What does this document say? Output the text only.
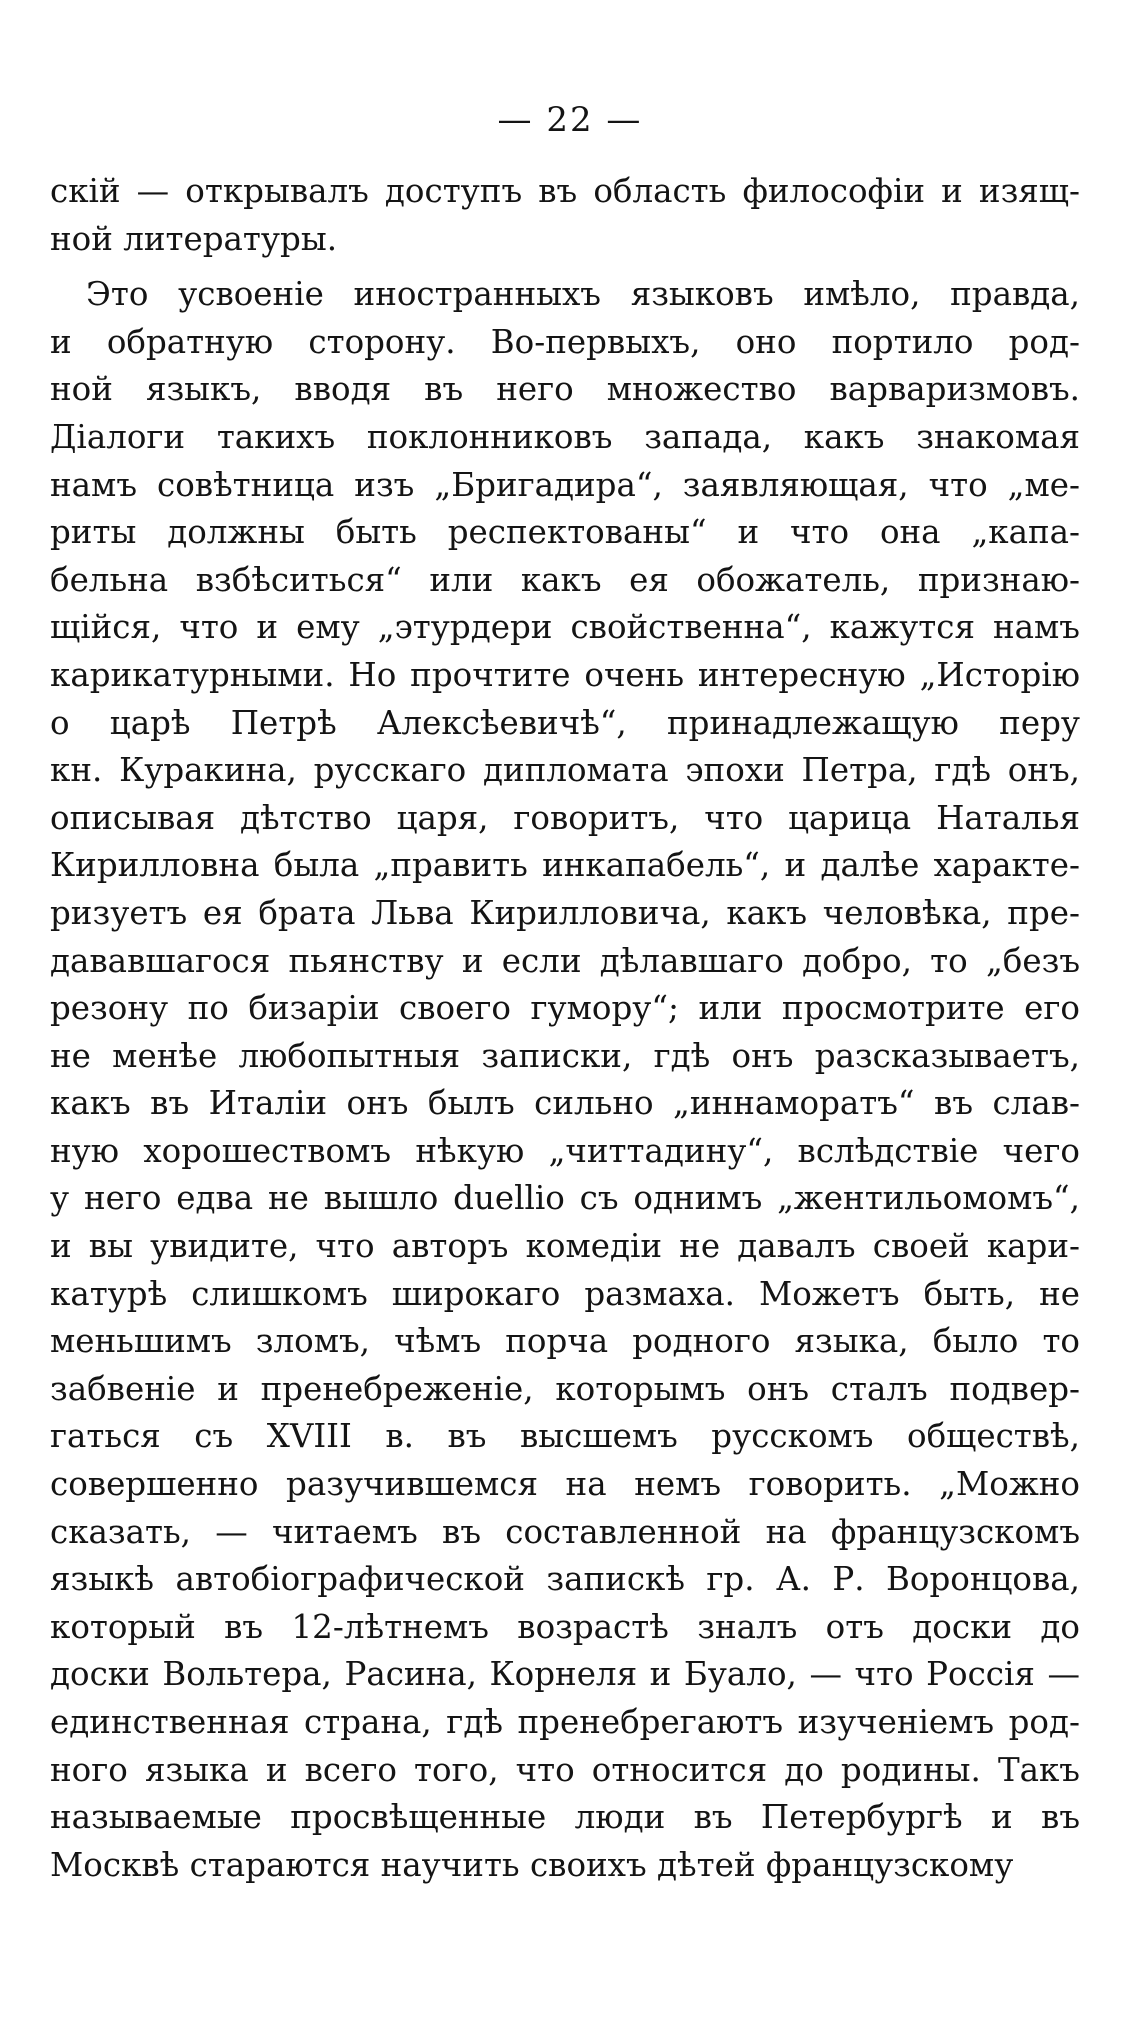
— 22 —
скій — открывалъ доступъ въ область философіи и изящ-
ной литературы.
Это усвоеніе иностранныхъ языковъ имѣло, правда,
и обратную сторону. Во-первыхъ, оно портило род-
ной языкъ, вводя въ него множество варваризмовъ.
Діалоги такихъ поклонниковъ запада, какъ знакомая
намъ совѣтница изъ „Бригадира“, заявляющая, что „ме-
риты должны быть респектованы“ и что она „капа-
бельна взбѣситься“ или какъ ея обожатель, признаю-
щійся, что и ему „этурдери свойственна“, кажутся намъ
карикатурными. Но прочтите очень интересную „Исторію
о царѣ Петрѣ Алексѣевичѣ“, принадлежащую перу
кн. Куракина, русскаго дипломата эпохи Петра, гдѣ онъ,
описывая дѣтство царя, говоритъ, что царица Наталья
Кирилловна была „править инкапабель“, и далѣе характе-
ризуетъ ея брата Льва Кирилловича, какъ человѣка, пре-
дававшагося пьянству и если дѣлавшаго добро, то „безъ
резону по бизаріи своего гумору“; или просмотрите его
не менѣе любопытныя записки, гдѣ онъ разсказываетъ,
какъ въ Италіи онъ былъ сильно „иннаморатъ“ въ слав-
ную хорошествомъ нѣкую „читтадину“, вслѣдствіе чего
у него едва не вышло duellio съ однимъ „жентильомомъ“,
и вы увидите, что авторъ комедіи не давалъ своей кари-
катурѣ слишкомъ широкаго размаха. Можетъ быть, не
меньшимъ зломъ, чѣмъ порча родного языка, было то
забвеніе и пренебреженіе, которымъ онъ сталъ подвер-
гаться съ XVIII в. въ высшемъ русскомъ обществѣ,
совершенно разучившемся на немъ говорить. „Можно
сказать, — читаемъ въ составленной на французскомъ
языкѣ автобіографической запискѣ гр. А. Р. Воронцова,
который въ 12-лѣтнемъ возрастѣ зналъ отъ доски до
доски Вольтера, Расина, Корнеля и Буало, — что Россія —
единственная страна, гдѣ пренебрегаютъ изученіемъ род-
ного языка и всего того, что относится до родины. Такъ
называемые просвѣщенные люди въ Петербургѣ и въ
Москвѣ стараются научить своихъ дѣтей французскому
